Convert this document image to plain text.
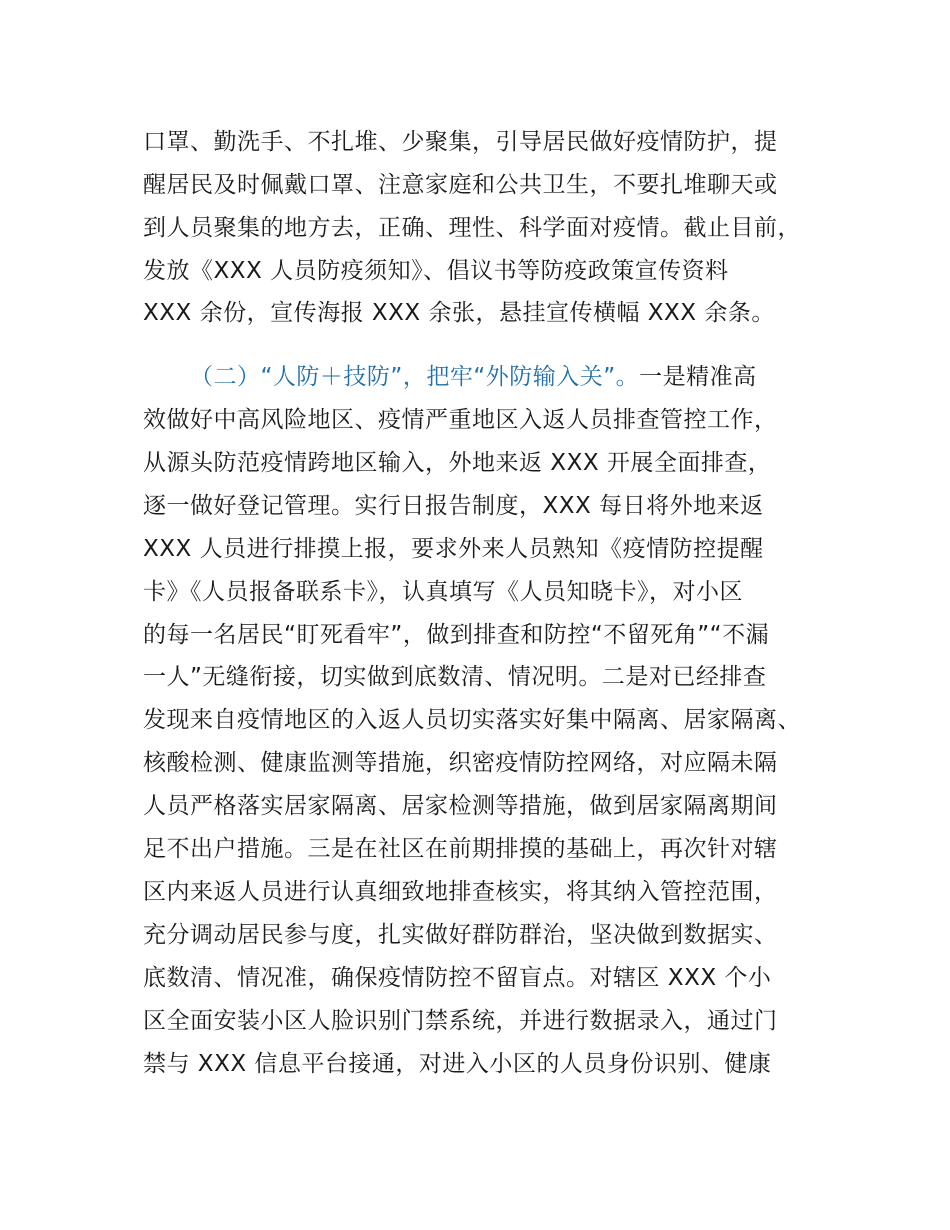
口罩、勤洗手、不扎堆、少聚集，引导居民做好疫情防护，提
醒居民及时佩戴口罩、注意家庭和公共卫生，不要扎堆聊天或
到人员聚集的地方去，正确、理性、科学面对疫情。截止目前，
发放《XXX 人员防疫须知》、倡议书等防疫政策宣传资料
XXX 余份，宣传海报 XXX 余张，悬挂宣传横幅 XXX 余条。
（二）“人防＋技防”，把牢“外防输入关”。一是精准高
效做好中高风险地区、疫情严重地区入返人员排查管控工作，
从源头防范疫情跨地区输入，外地来返 XXX 开展全面排查，
逐一做好登记管理。实行日报告制度，XXX 每日将外地来返
XXX 人员进行排摸上报，要求外来人员熟知《疫情防控提醒
卡》《人员报备联系卡》，认真填写《人员知晓卡》，对小区
的每一名居民“盯死看牢”，做到排查和防控“不留死角”“不漏
一人”无缝衔接，切实做到底数清、情况明。二是对已经排查
发现来自疫情地区的入返人员切实落实好集中隔离、居家隔离、
核酸检测、健康监测等措施，织密疫情防控网络，对应隔未隔
人员严格落实居家隔离、居家检测等措施，做到居家隔离期间
足不出户措施。三是在社区在前期排摸的基础上，再次针对辖
区内来返人员进行认真细致地排查核实，将其纳入管控范围，
充分调动居民参与度，扎实做好群防群治，坚决做到数据实、
底数清、情况准，确保疫情防控不留盲点。对辖区 XXX 个小
区全面安装小区人脸识别门禁系统，并进行数据录入，通过门
禁与 XXX 信息平台接通，对进入小区的人员身份识别、健康
